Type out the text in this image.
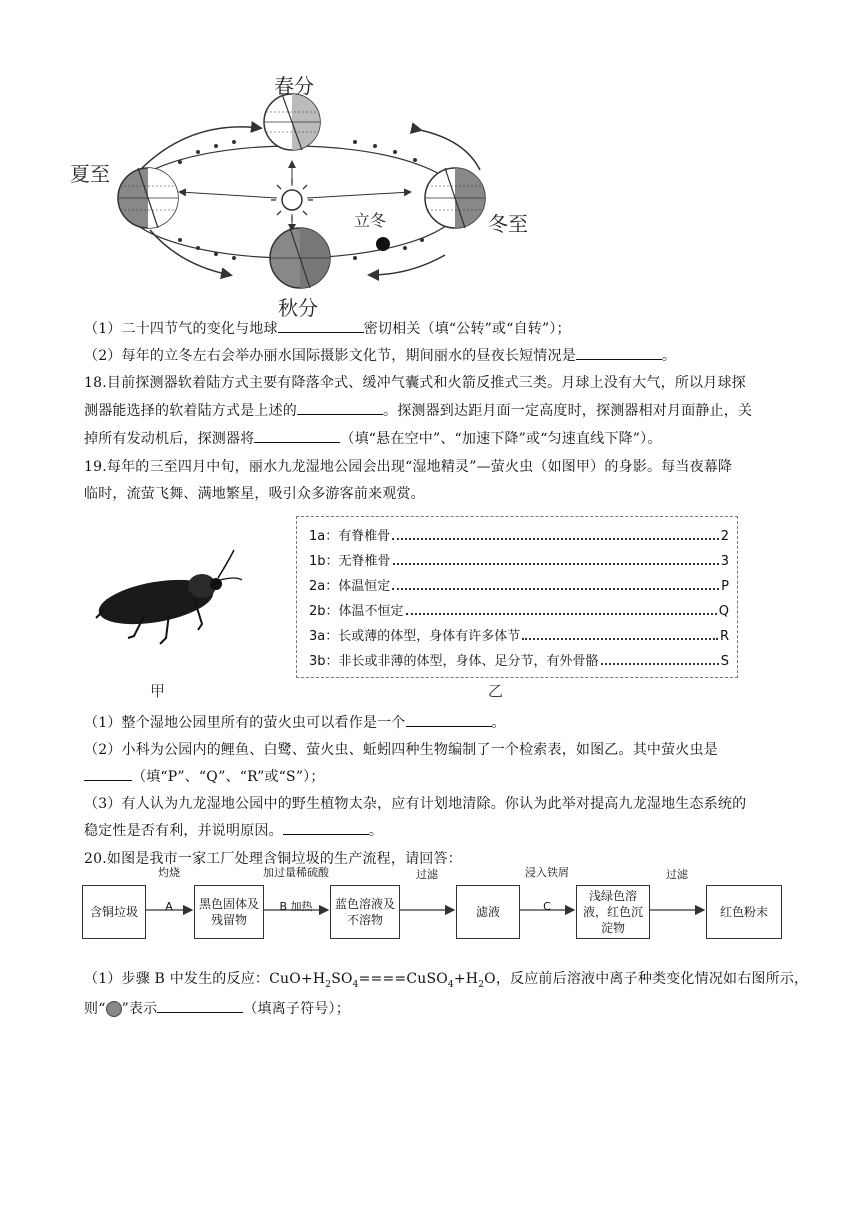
春分
夏至
冬至
秋分
立冬
（1）二十四节气的变化与地球	密切相关（填“公转”或“自转”）；
（2）每年的立冬左右会举办丽水国际摄影文化节，期间丽水的昼夜长短情况是	。
18.目前探测器软着陆方式主要有降落伞式、缓冲气囊式和火箭反推式三类。月球上没有大气，所以月球探
测器能选择的软着陆方式是上述的	。探测器到达距月面一定高度时，探测器相对月面静止，关
掉所有发动机后，探测器将	（填“悬在空中”、“加速下降”或“匀速直线下降”）。
19.每年的三至四月中旬，丽水九龙湿地公园会出现“湿地精灵”—萤火虫（如图甲）的身影。每当夜幕降
临时，流萤飞舞、满地繁星，吸引众多游客前来观赏。
甲
1a：有脊椎骨	2
1b：无脊椎骨	3
2a：体温恒定	P
2b：体温不恒定	Q
3a：长或薄的体型，身体有许多体节	R
3b：非长或非薄的体型，身体、足分节，有外骨骼	S
乙
（1）整个湿地公园里所有的萤火虫可以看作是一个	。
（2）小科为公园内的鲤鱼、白鹭、萤火虫、蚯蚓四种生物编制了一个检索表，如图乙。其中萤火虫是
（填“P”、“Q”、“R”或“S”）；
（3）有人认为九龙湿地公园中的野生植物太杂，应有计划地清除。你认为此举对提高九龙湿地生态系统的
稳定性是否有利，并说明原因。	。
20.如图是我市一家工厂处理含铜垃圾的生产流程，请回答：
含铜垃圾
黑色固体及残留物
蓝色溶液及不溶物
滤液
浅绿色溶液，红色沉淀物
红色粉末
灼烧
A
加过量稀硫酸
B 加热
过滤	浸入铁屑
C
过滤
（1）步骤 B 中发生的反应：$CuO+H_2SO_4====CuSO_4+H_2O$，反应前后溶液中离子种类变化情况如右图所示，
则“ ”表示	（填离子符号）；
